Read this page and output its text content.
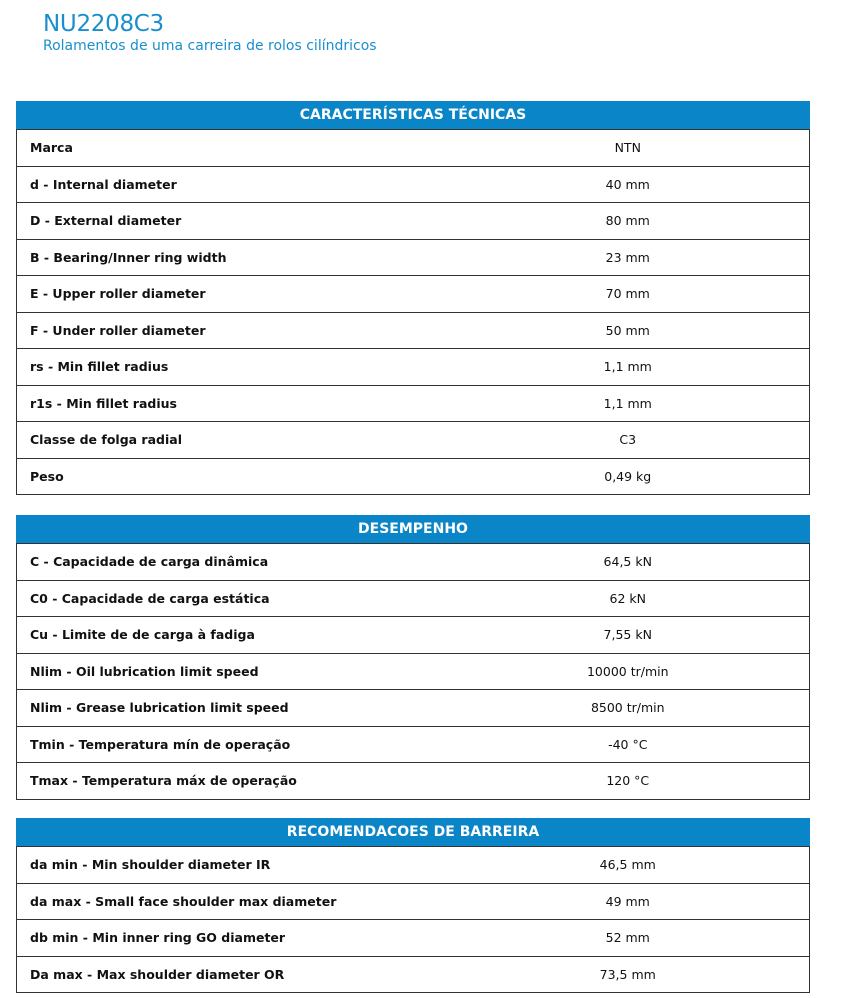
NU2208C3
Rolamentos de uma carreira de rolos cilíndricos
CARACTERÍSTICAS TÉCNICAS
Marca	NTN
d - Internal diameter	40 mm
D - External diameter	80 mm
B - Bearing/Inner ring width	23 mm
E - Upper roller diameter	70 mm
F - Under roller diameter	50 mm
rs - Min fillet radius	1,1 mm
r1s - Min fillet radius	1,1 mm
Classe de folga radial	C3
Peso	0,49 kg
DESEMPENHO
C - Capacidade de carga dinâmica	64,5 kN
C0 - Capacidade de carga estática	62 kN
Cu - Limite de de carga à fadiga	7,55 kN
Nlim - Oil lubrication limit speed	10000 tr/min
Nlim - Grease lubrication limit speed	8500 tr/min
Tmin - Temperatura mín de operação	-40 °C
Tmax - Temperatura máx de operação	120 °C
RECOMENDACOES DE BARREIRA
da min - Min shoulder diameter IR	46,5 mm
da max - Small face shoulder max diameter	49 mm
db min - Min inner ring GO diameter	52 mm
Da max - Max shoulder diameter OR	73,5 mm
